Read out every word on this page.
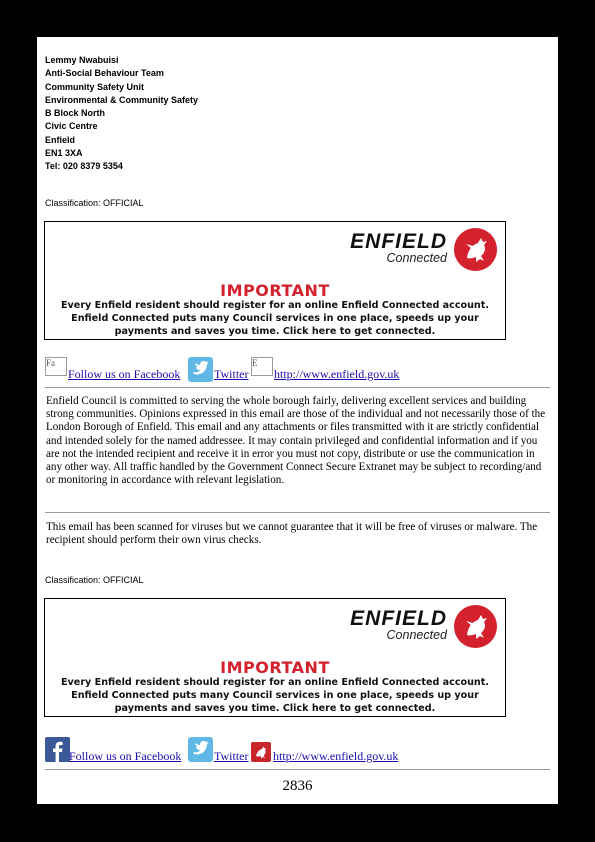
Lemmy Nwabuisi
Anti-Social Behaviour Team
Community Safety Unit
Environmental & Community Safety
B Block North
Civic Centre
Enfield
EN1 3XA
Tel: 020 8379 5354
Classification: OFFICIAL
ENFIELD
Connected
IMPORTANT
Every Enfield resident should register for an online Enfield Connected account.
Enfield Connected puts many Council services in one place, speeds up your
payments and saves you time. Click here to get connected.
Fa
Follow us on Facebook	Twitter
E
http://www.enfield.gov.uk
Enfield Council is committed to serving the whole borough fairly, delivering excellent services and building strong communities. Opinions expressed in this email are those of the individual and not necessarily those of the London Borough of Enfield. This email and any attachments or files transmitted with it are strictly confidential and intended solely for the named addressee. It may contain privileged and confidential information and if you are not the intended recipient and receive it in error you must not copy, distribute or use the communication in any other way. All traffic handled by the Government Connect Secure Extranet may be subject to recording/and or monitoring in accordance with relevant legislation.
This email has been scanned for viruses but we cannot guarantee that it will be free of viruses or malware. The recipient should perform their own virus checks.
Classification: OFFICIAL
ENFIELD
Connected
IMPORTANT
Every Enfield resident should register for an online Enfield Connected account.
Enfield Connected puts many Council services in one place, speeds up your
payments and saves you time. Click here to get connected.
Follow us on Facebook	Twitter http://www.enfield.gov.uk
2836
